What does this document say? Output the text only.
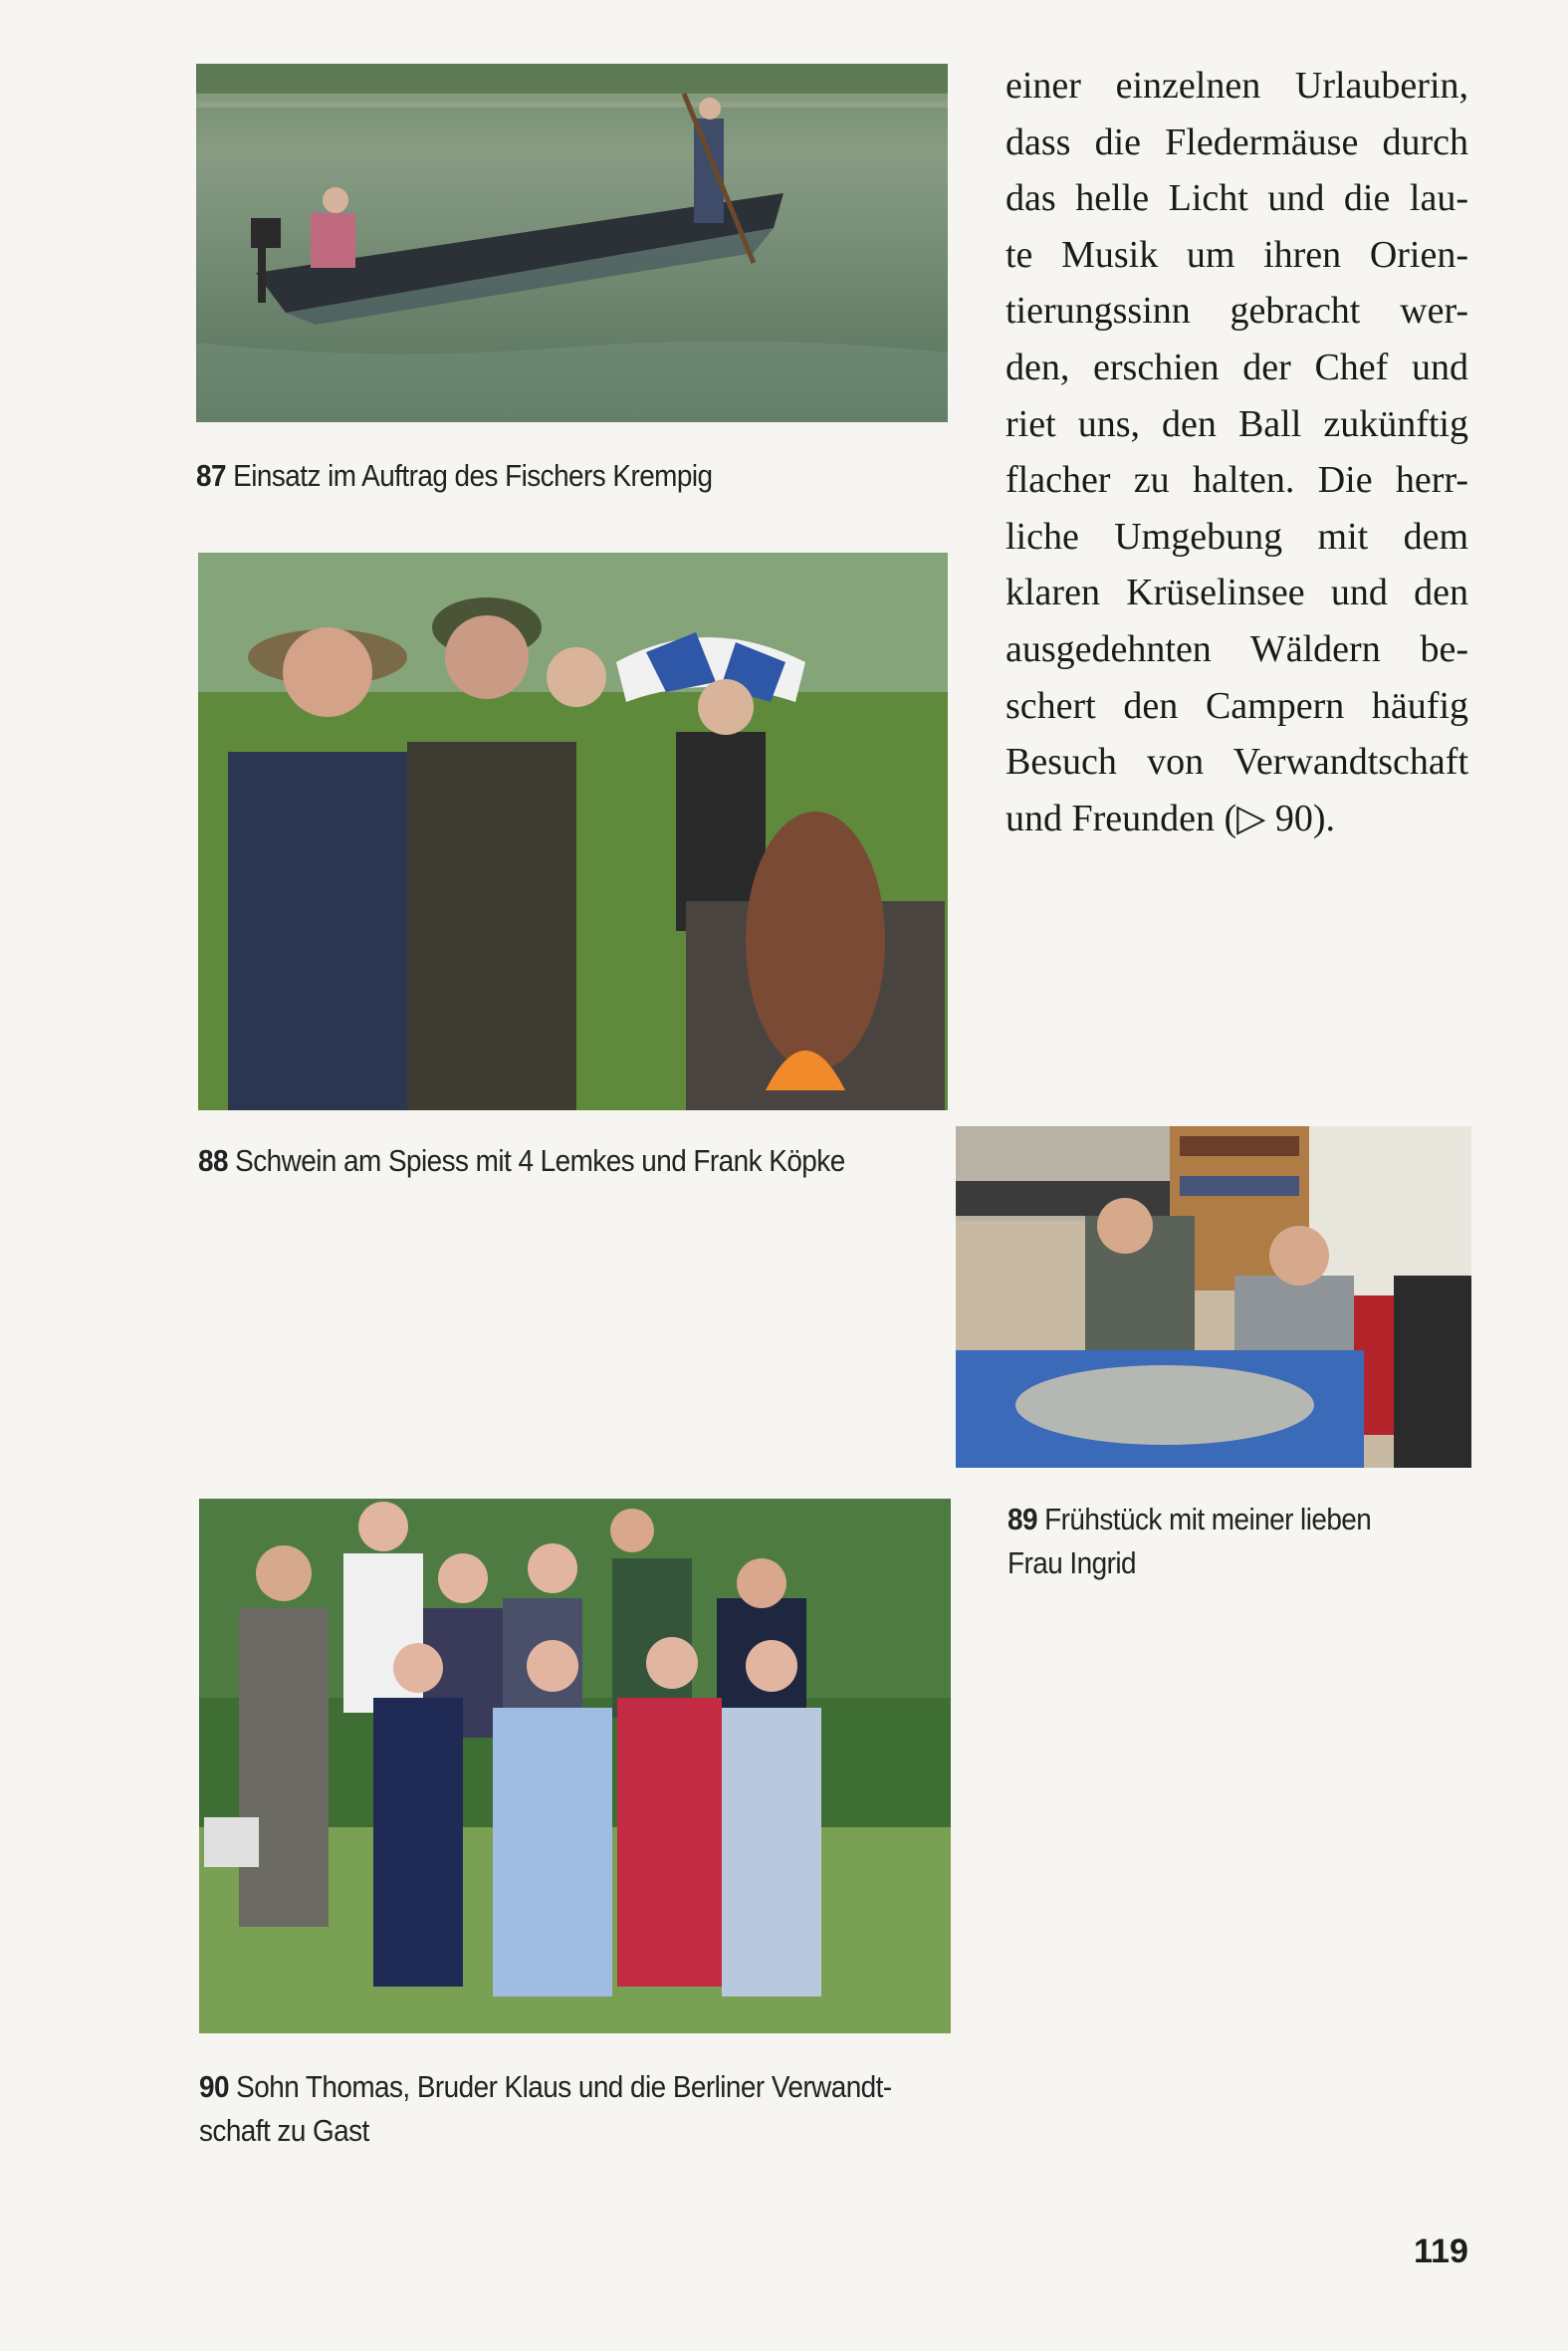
87 Einsatz im Auftrag des Fischers Krempig
88 Schwein am Spiess mit 4 Lemkes und Frank Köpke
89 Frühstück mit meiner lieben
Frau Ingrid
90 Sohn Thomas, Bruder Klaus und die Berliner Verwandt-
schaft zu Gast
einer einzelnen Urlauberin,
dass die Fledermäuse durch
das helle Licht und die lau-
te Musik um ihren Orien-
tierungssinn gebracht wer-
den, erschien der Chef und
riet uns, den Ball zukünftig
flacher zu halten. Die herr-
liche Umgebung mit dem
klaren Krüselinsee und den
ausgedehnten Wäldern be-
schert den Campern häufig
Besuch von Verwandtschaft
und Freunden (▷ 90).
119
